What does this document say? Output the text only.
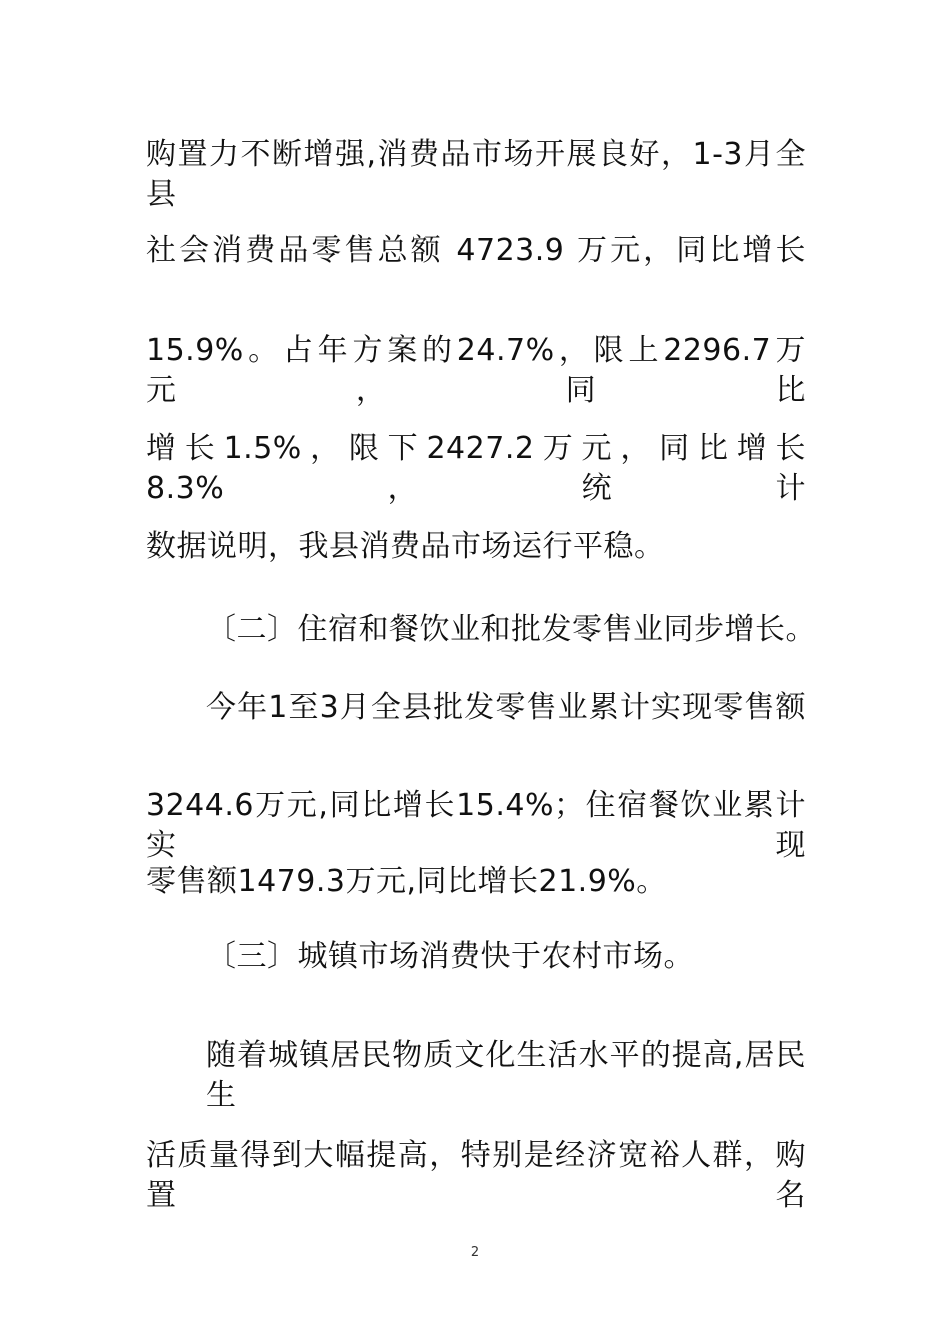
购置力不断增强,消费品市场开展良好，1-3月全县
社会消费品零售总额 4723.9 万元，同比增长
15.9%。占年方案的24.7%，限上2296.7万元，同比
增长1.5%，限下2427.2万元，同比增长8.3%，统计
数据说明，我县消费品市场运行平稳。
〔二〕住宿和餐饮业和批发零售业同步增长。
今年1至3月全县批发零售业累计实现零售额
3244.6万元,同比增长15.4%；住宿餐饮业累计实现
零售额1479.3万元,同比增长21.9%。
〔三〕城镇市场消费快于农村市场。
随着城镇居民物质文化生活水平的提高,居民生
活质量得到大幅提高，特别是经济宽裕人群，购置名
2
